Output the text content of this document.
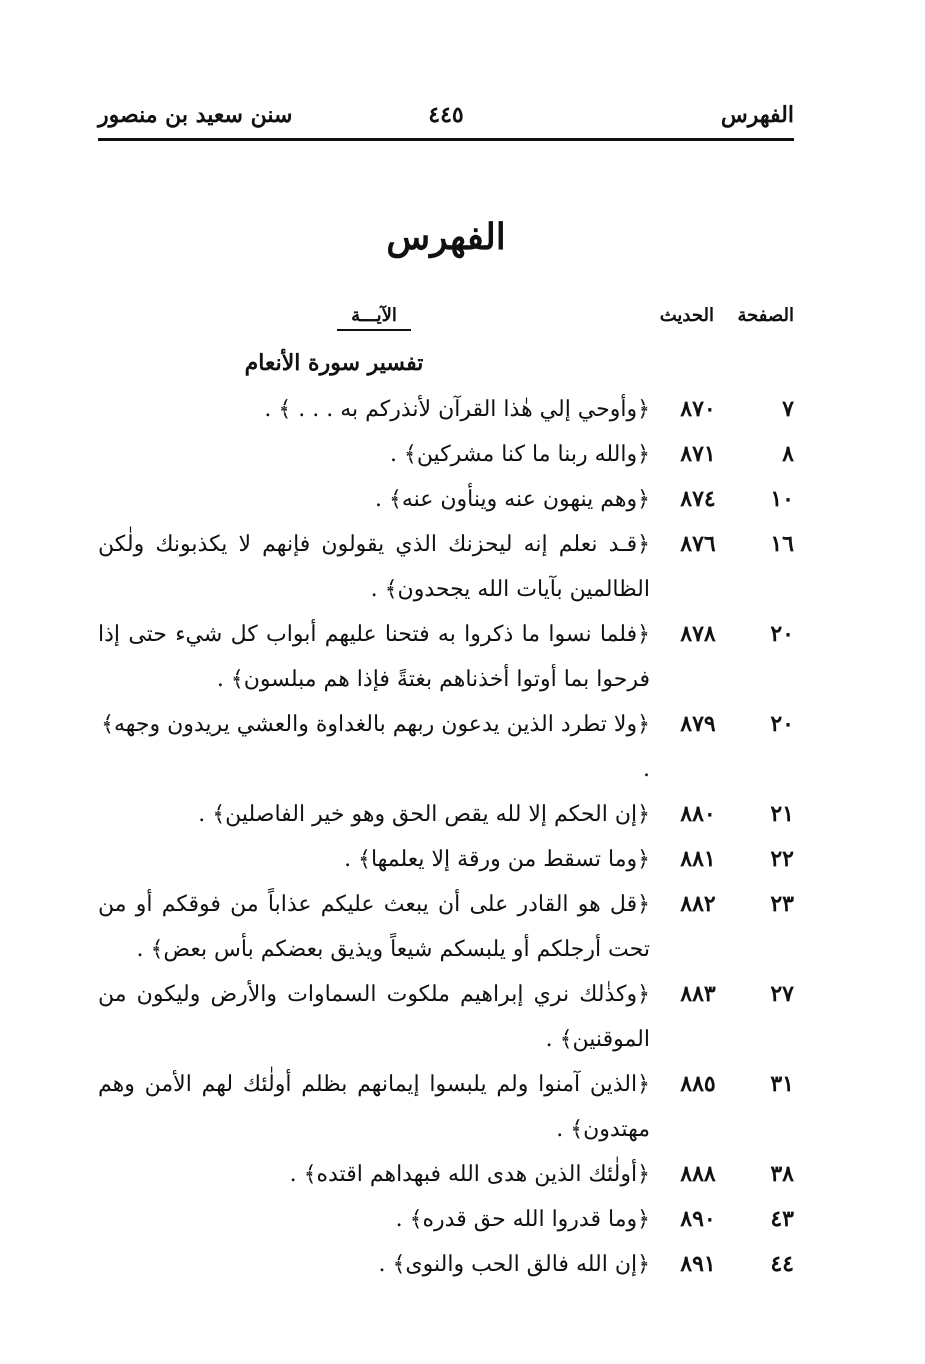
الفهرس
٤٤٥
سنن سعيد بن منصور
الفهرس
الصفحة
الحديث
الآيـــة
تفسير سورة الأنعام
٧
٨٧٠
﴿وأوحي إلي هٰذا القرآن لأنذركم به . . . ﴾ .
٨
٨٧١
﴿والله ربنا ما كنا مشركين﴾ .
١٠
٨٧٤
﴿وهم ينهون عنه وينأون عنه﴾ .
١٦
٨٧٦
﴿قـد نعلم إنه ليحزنك الذي يقولون فإنهم لا يكذبونك ولٰكن الظالمين بآيات الله يجحدون﴾ .
٢٠
٨٧٨
﴿فلما نسوا ما ذكروا به فتحنا عليهم أبواب كل شيء حتى إذا فرحوا بما أوتوا أخذناهم بغتةً فإذا هم مبلسون﴾ .
٢٠
٨٧٩
﴿ولا تطرد الذين يدعون ربهم بالغداوة والعشي يريدون وجهه﴾ .
٢١
٨٨٠
﴿إن الحكم إلا لله يقص الحق وهو خير الفاصلين﴾ .
٢٢
٨٨١
﴿وما تسقط من ورقة إلا يعلمها﴾ .
٢٣
٨٨٢
﴿قل هو القادر على أن يبعث عليكم عذاباً من فوقكم أو من تحت أرجلكم أو يلبسكم شيعاً ويذيق بعضكم بأس بعض﴾ .
٢٧
٨٨٣
﴿وكذٰلك نري إبراهيم ملكوت السماوات والأرض وليكون من الموقنين﴾ .
٣١
٨٨٥
﴿الذين آمنوا ولم يلبسوا إيمانهم بظلم أولٰئك لهم الأمن وهم مهتدون﴾ .
٣٨
٨٨٨
﴿أولٰئك الذين هدى الله فبهداهم اقتده﴾ .
٤٣
٨٩٠
﴿وما قدروا الله حق قدره﴾ .
٤٤
٨٩١
﴿إن الله فالق الحب والنوى﴾ .
